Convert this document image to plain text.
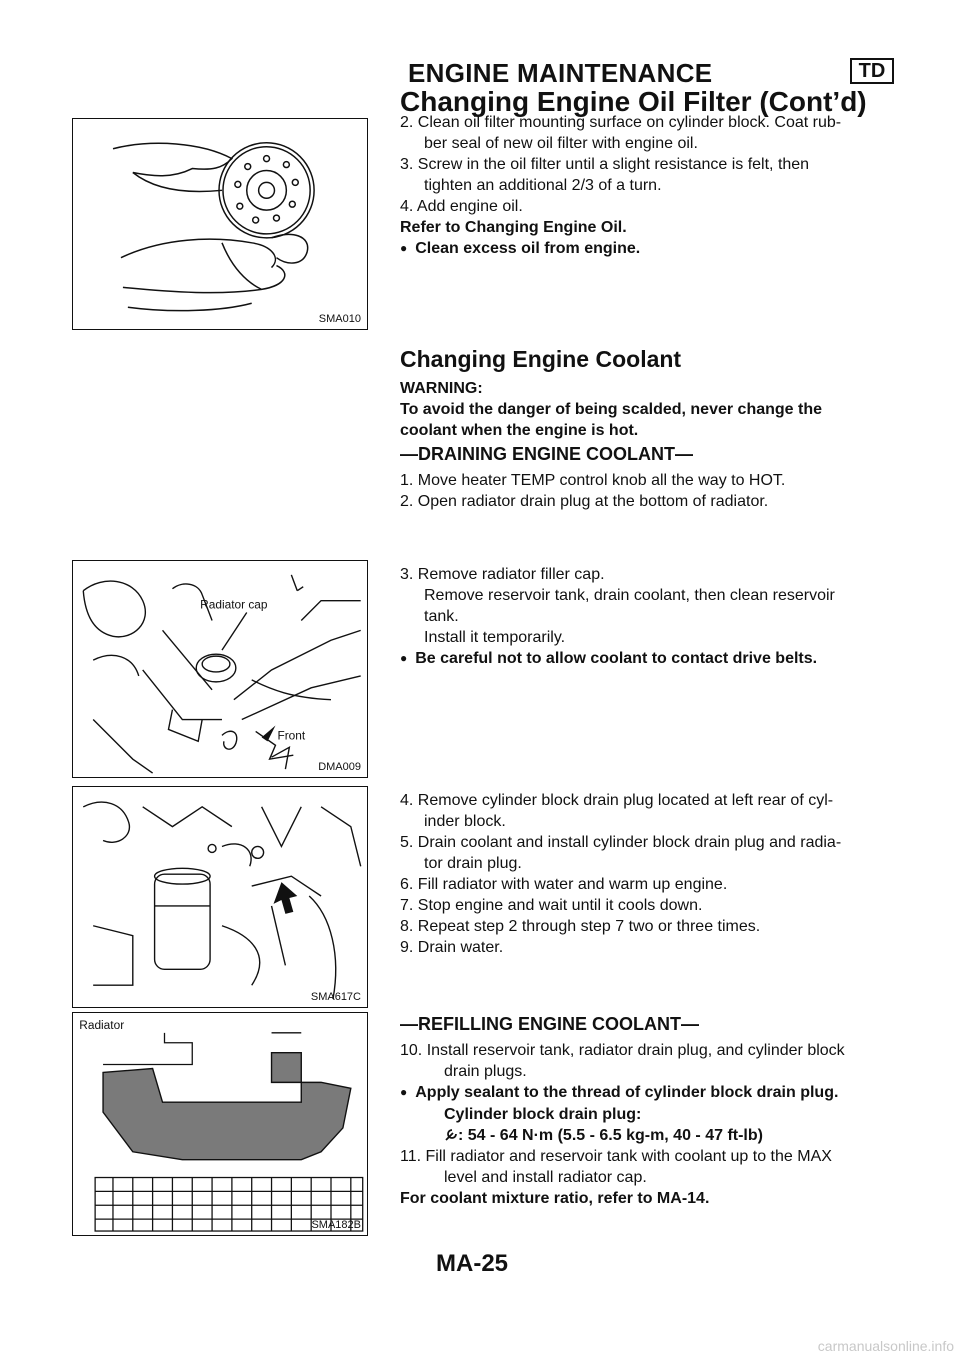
ENGINE MAINTENANCE	TD
Changing Engine Oil Filter (Cont’d)
SMA010

2. Clean oil filter mounting surface on cylinder block. Coat rub-

ber seal of new oil filter with engine oil.

3. Screw in the oil filter until a slight resistance is felt, then

tighten an additional 2/3 of a turn.

4. Add engine oil.

Refer to Changing Engine Oil.

● Clean excess oil from engine.

Changing Engine Coolant

WARNING:

To avoid the danger of being scalded, never change the

coolant when the engine is hot.

—DRAINING ENGINE COOLANT—

1. Move heater TEMP control knob all the way to HOT.

2. Open radiator drain plug at the bottom of radiator.

Radiator cap
Front
DMA009

3. Remove radiator filler cap.

Remove reservoir tank, drain coolant, then clean reservoir

tank.

Install it temporarily.

● Be careful not to allow coolant to contact drive belts.

SMA617C

4. Remove cylinder block drain plug located at left rear of cyl-

inder block.

5. Drain coolant and install cylinder block drain plug and radia-

tor drain plug.

6. Fill radiator with water and warm up engine.

7. Stop engine and wait until it cools down.

8. Repeat step 2 through step 7 two or three times.

9. Drain water.

Radiator
SMA182B
—REFILLING ENGINE COOLANT—

10. Install reservoir tank, radiator drain plug, and cylinder block

drain plugs.

● Apply sealant to the thread of cylinder block drain plug.

Cylinder block drain plug:

: 54 - 64 N·m (5.5 - 6.5 kg-m, 40 - 47 ft-lb)

11. Fill radiator and reservoir tank with coolant up to the MAX

level and install radiator cap.

For coolant mixture ratio, refer to MA-14.

MA-25
carmanualsonline.info
